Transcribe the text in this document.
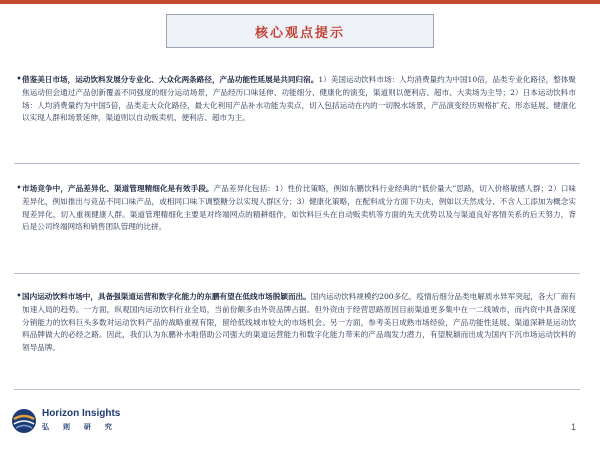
核心观点提示
• 借鉴美日市场，运动饮料发展分专业化、大众化两条路径，产品功能性延展是共同归宿。1）美国运动饮料市场：人均消费量约为中国10倍，品类专业化路径，整体聚焦运动但会通过产品创新覆盖不同强度的细分运动场景，产品经历口味延伸、功能细分、健康化的演变，渠道则以便利店、超市、大卖场为主导；2）日本运动饮料市场：人均消费量约为中国5倍，品类走大众化路径，最大化利用产品补水功能为卖点，切入包括运动在内的一切脱水场景，产品演变经历规格扩充、形态延展、健康化以实现人群和场景延伸，渠道则以自动贩卖机、便利店、超市为主。
• 市场竞争中，产品差异化、渠道管理精细化是有效手段。产品差异化包括：1）性价比策略，例如东鹏饮料行业经典的“低价量大”思路，切入价格敏感人群；2）口味差异化，例如推出与竞品不同口味产品，或相同口味下调整糖分以实现人群区分；3）健康化策略，在配料成分方面下功夫，例如以天然成分、不含人工添加为概念实现差异化，切入重视健康人群。渠道管理精细化主要是对终端网点的精耕细作，如饮料巨头在自动贩卖机等方面的先天优势以及与渠道良好客情关系的后天努力，背后是公司终端网络和销售团队管理的比拼。
• 国内运动饮料市场中，具备强渠道运营和数字化能力的东鹏有望在低线市场脱颖而出。国内运动饮料规模约200多亿，疫情后细分品类电解质水异军突起，各大厂商有加速入局的趋势。一方面，纵观国内运动饮料行业全局，当前份额多由外资品牌占据。但外资由于经营思路原因目前渠道更多集中在一二线城市，而内资中具备深度分销能力的饮料巨头多数对运动饮料产品的战略重视有限，留给低线城市较大的市场机会。另一方面，参考美日成熟市场经验，产品功能性延展、渠道深耕是运动饮料品牌做大的必经之路。因此，我们认为东鹏补水啦借助公司强大的渠道运营能力和数字化能力带来的产品端发力潜力，有望脱颖而出成为国内下沉市场运动饮料的领导品牌。
Horizon Insights
弘 则 研 究	1
